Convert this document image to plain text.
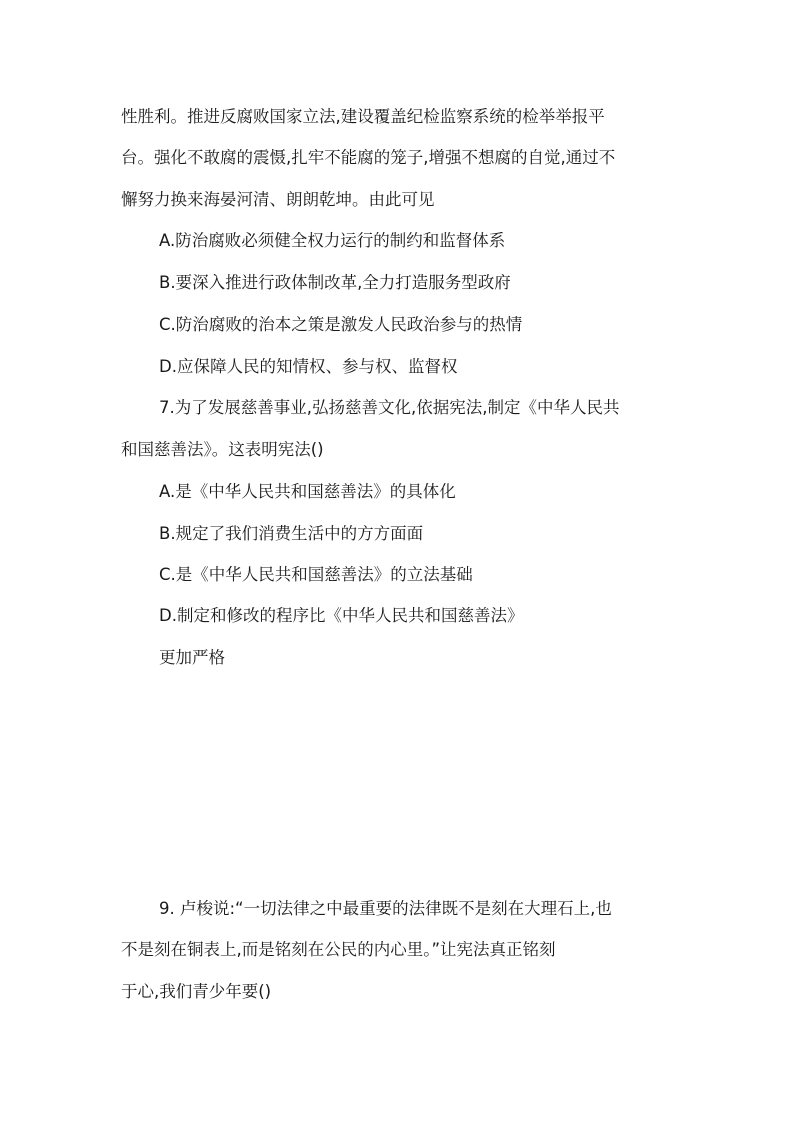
性胜利。推进反腐败国家立法,建设覆盖纪检监察系统的检举举报平
台。强化不敢腐的震慑,扎牢不能腐的笼子,增强不想腐的自觉,通过不
懈努力换来海晏河清、朗朗乾坤。由此可见
A.防治腐败必须健全权力运行的制约和监督体系
B.要深入推进行政体制改革,全力打造服务型政府
C.防治腐败的治本之策是激发人民政治参与的热情
D.应保障人民的知情权、参与权、监督权
7.为了发展慈善事业,弘扬慈善文化,依据宪法,制定《中华人民共
和国慈善法》。这表明宪法()
A.是《中华人民共和国慈善法》的具体化
B.规定了我们消费生活中的方方面面
C.是《中华人民共和国慈善法》的立法基础
D.制定和修改的程序比《中华人民共和国慈善法》
更加严格
9. 卢梭说:“一切法律之中最重要的法律既不是刻在大理石上,也
不是刻在铜表上,而是铭刻在公民的内心里。”让宪法真正铭刻
于心,我们青少年要()
